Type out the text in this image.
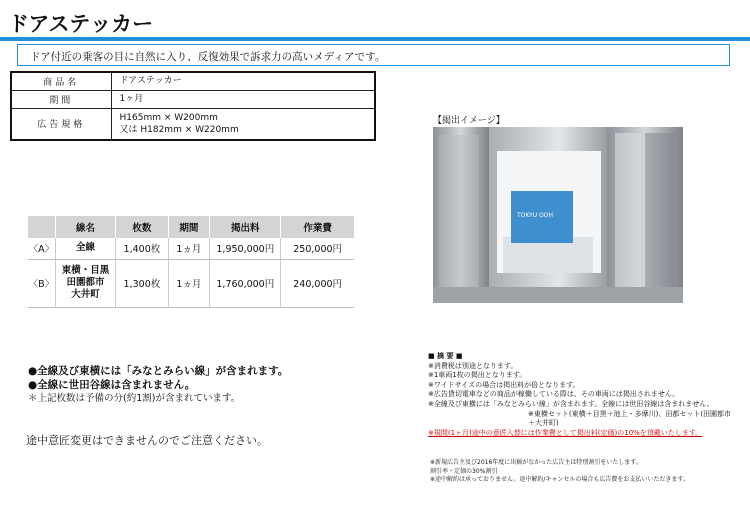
ドアステッカー
ドア付近の乗客の目に自然に入り、反復効果で訴求力の高いメディアです。
商品名	ドアステッカー

期間	1ヶ月

広告規格	H165mm × W200mm
又は H182mm × W220mm
	線名	枚数	期間	掲出料	作業費
〈A〉	全線	1,400枚	1ヵ月	1,950,000円	250,000円
〈B〉	東横・目黒
田園都市
大井町	1,300枚	1ヵ月	1,760,000円	240,000円
●全線及び東横には「みなとみらい線」が含まれます。
●全線に世田谷線は含まれません。
＊上記枚数は予備の分(約1割)が含まれています。
途中意匠変更はできませんのでご注意ください。
【掲出イメージ】
TOKYU OOH
■ 摘 要 ■
※消費税は別途となります。
※1車両1枚の掲出となります。
※ワイドサイズの場合は掲出料が倍となります。
※広告貸切電車などの商品が稼働している際は、その車両には掲出されません。
※全線及び東横には「みなとみらい線」が含まれます。全線には世田谷線は含まれません。
※東横セット(東横＋目黒＋池上・多摩川)、田都セット(田園都市＋大井町)
※規間(1ヶ月)途中の意匠入替には作業費として掲出料(定価)の10%を頂戴いたします。
※新規広告主及び2016年度に出稿がなかった広告主は特別割引をいたします。
割引率・定価の30%割引
※途中解約は承っておりません。途中解約/キャンセルの場合も広告費をお支払いいただきます。
